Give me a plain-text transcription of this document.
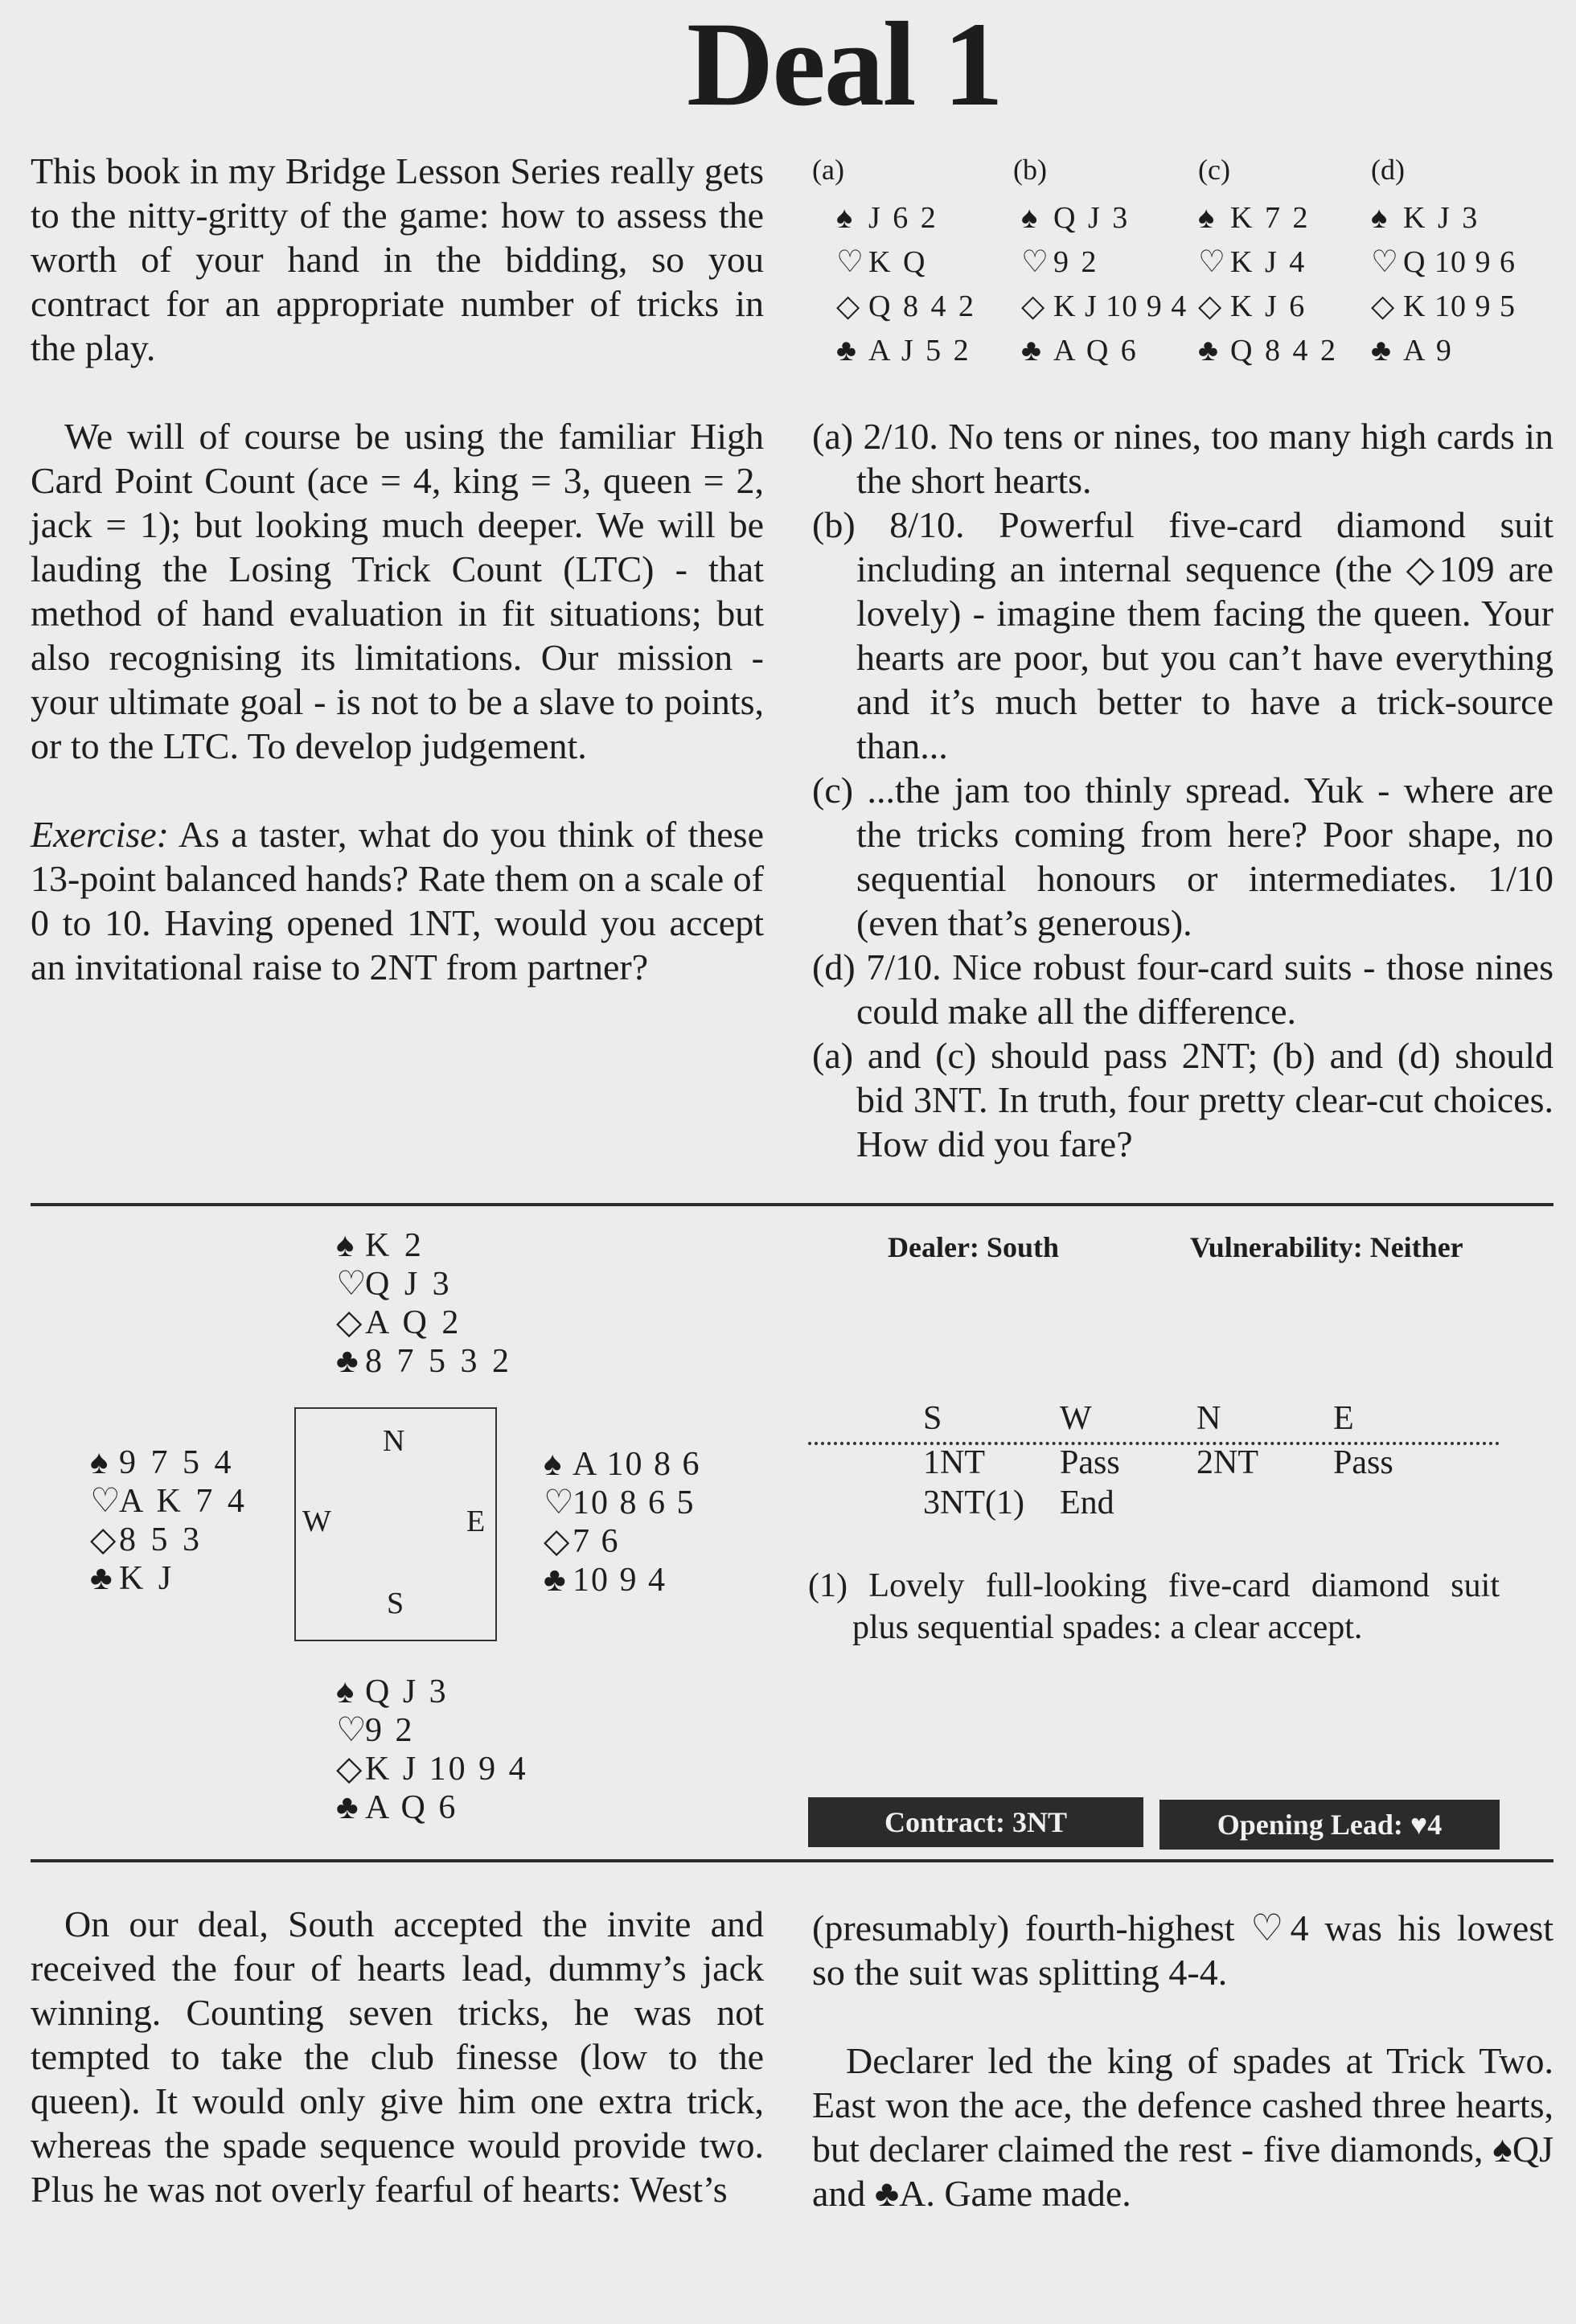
Deal 1

This book in my Bridge Lesson Series really gets to the nitty-gritty of the game: how to assess the worth of your hand in the bidding, so you contract for an appropriate number of tricks in the play.

We will of course be using the familiar High Card Point Count (ace = 4, king = 3, queen = 2, jack = 1); but looking much deeper. We will be lauding the Losing Trick Count (LTC) - that method of hand evaluation in fit situations; but also recognising its limitations. Our mission - your ultimate goal - is not to be a slave to points, or to the LTC. To develop judgement.

Exercise: As a taster, what do you think of these 13-point balanced hands? Rate them on a scale of 0 to 10. Having opened 1NT, would you accept an invitational raise to 2NT from partner?

(a)
♠ J 6 2
♡K Q
◇ Q 8 4 2
♣ A J 5 2
(b)
♠ Q J 3
♡9 2
◇ K J 10 9 4
♣ A Q 6
(c)
♠ K 7 2
♡K J 4
◇ K J 6
♣ Q 8 4 2
(d)
♠ K J 3
♡ Q 10 9 6
◇ K 10 9 5
♣ A 9

(a) 2/10. No tens or nines, too many high cards in the short hearts.

(b) 8/10. Powerful five-card diamond suit including an internal sequence (the ◇109 are lovely) - imagine them facing the queen. Your hearts are poor, but you can’t have everything and it’s much better to have a trick-source than...

(c) ...the jam too thinly spread. Yuk - where are the tricks coming from here? Poor shape, no sequential honours or intermediates. 1/10 (even that’s generous).

(d) 7/10. Nice robust four-card suits - those nines could make all the difference.

(a) and (c) should pass 2NT; (b) and (d) should bid 3NT. In truth, four pretty clear-cut choices. How did you fare?

♠ K 2
♡Q J 3
◇A Q 2
♣ 8 7 5 3 2
♠ 9 7 5 4
♡A K 7 4
◇8 5 3
♣ K J
N
W	E
S
♠ A 10 8 6
♡10 8 6 5
◇7 6
♣ 10 9 4
♠ Q J 3
♡9 2
◇K J 10 9 4
♣ A Q 6
Dealer: South	Vulnerability: Neither
S	W	N	E
1NT Pass 2NT Pass
3NT(1) End

(1) Lovely full-looking five-card diamond suit plus sequential spades: a clear accept.

Contract: 3NT	Opening Lead: ♥4

On our deal, South accepted the invite and received the four of hearts lead, dummy’s jack winning. Counting seven tricks, he was not tempted to take the club finesse (low to the queen). It would only give him one extra trick, whereas the spade sequence would provide two. Plus he was not overly fearful of hearts: West’s

(presumably) fourth-highest ♡4 was his lowest so the suit was splitting 4-4.

Declarer led the king of spades at Trick Two. East won the ace, the defence cashed three hearts, but declarer claimed the rest - five diamonds, ♠QJ and ♣A. Game made.
